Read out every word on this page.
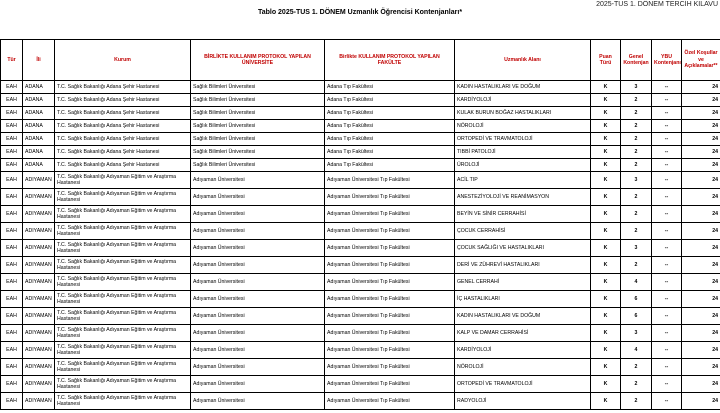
2025-TUS 1. DÖNEM TERCİH KILAVU
Tablo 2025-TUS 1. DÖNEM Uzmanlık Öğrencisi Kontenjanları*
Tür	İli	Kurum	BİRLİKTE KULLANIM PROTOKOL YAPILAN ÜNİVERSİTE	Birlikte KULLANIM PROTOKOL YAPILAN FAKÜLTE	Uzmanlık Alanı	Puan Türü	Genel Kontenjan	YBU Kontenjanı	Özel Koşullar ve Açıklamalar**
EAH	ADANA	T.C. Sağlık Bakanlığı Adana Şehir Hastanesi	Sağlık Bilimleri Üniversitesi	Adana Tıp Fakültesi	KADIN HASTALIKLARI VE DOĞUM	K	3	--	24
EAH	ADANA	T.C. Sağlık Bakanlığı Adana Şehir Hastanesi	Sağlık Bilimleri Üniversitesi	Adana Tıp Fakültesi	KARDİYOLOJİ	K	2	--	24
EAH	ADANA	T.C. Sağlık Bakanlığı Adana Şehir Hastanesi	Sağlık Bilimleri Üniversitesi	Adana Tıp Fakültesi	KULAK BURUN BOĞAZ HASTALIKLARI	K	2	--	24
EAH	ADANA	T.C. Sağlık Bakanlığı Adana Şehir Hastanesi	Sağlık Bilimleri Üniversitesi	Adana Tıp Fakültesi	NÖROLOJİ	K	2	--	24
EAH	ADANA	T.C. Sağlık Bakanlığı Adana Şehir Hastanesi	Sağlık Bilimleri Üniversitesi	Adana Tıp Fakültesi	ORTOPEDİ VE TRAVMATOLOJİ	K	2	--	24
EAH	ADANA	T.C. Sağlık Bakanlığı Adana Şehir Hastanesi	Sağlık Bilimleri Üniversitesi	Adana Tıp Fakültesi	TIBBİ PATOLOJİ	K	2	--	24
EAH	ADANA	T.C. Sağlık Bakanlığı Adana Şehir Hastanesi	Sağlık Bilimleri Üniversitesi	Adana Tıp Fakültesi	ÜROLOJİ	K	2	--	24
EAH	ADIYAMAN	T.C. Sağlık Bakanlığı Adıyaman Eğitim ve Araştırma Hastanesi	Adıyaman Üniversitesi	Adıyaman Üniversitesi Tıp Fakültesi	ACİL TIP	K	3	--	24
EAH	ADIYAMAN	T.C. Sağlık Bakanlığı Adıyaman Eğitim ve Araştırma Hastanesi	Adıyaman Üniversitesi	Adıyaman Üniversitesi Tıp Fakültesi	ANESTEZİYOLOJİ VE REANİMASYON	K	2	--	24
EAH	ADIYAMAN	T.C. Sağlık Bakanlığı Adıyaman Eğitim ve Araştırma Hastanesi	Adıyaman Üniversitesi	Adıyaman Üniversitesi Tıp Fakültesi	BEYİN VE SİNİR CERRAHİSİ	K	2	--	24
EAH	ADIYAMAN	T.C. Sağlık Bakanlığı Adıyaman Eğitim ve Araştırma Hastanesi	Adıyaman Üniversitesi	Adıyaman Üniversitesi Tıp Fakültesi	ÇOCUK CERRAHİSİ	K	2	--	24
EAH	ADIYAMAN	T.C. Sağlık Bakanlığı Adıyaman Eğitim ve Araştırma Hastanesi	Adıyaman Üniversitesi	Adıyaman Üniversitesi Tıp Fakültesi	ÇOCUK SAĞLIĞI VE HASTALIKLARI	K	3	--	24
EAH	ADIYAMAN	T.C. Sağlık Bakanlığı Adıyaman Eğitim ve Araştırma Hastanesi	Adıyaman Üniversitesi	Adıyaman Üniversitesi Tıp Fakültesi	DERİ VE ZÜHREVİ HASTALIKLARI	K	2	--	24
EAH	ADIYAMAN	T.C. Sağlık Bakanlığı Adıyaman Eğitim ve Araştırma Hastanesi	Adıyaman Üniversitesi	Adıyaman Üniversitesi Tıp Fakültesi	GENEL CERRAHİ	K	4	--	24
EAH	ADIYAMAN	T.C. Sağlık Bakanlığı Adıyaman Eğitim ve Araştırma Hastanesi	Adıyaman Üniversitesi	Adıyaman Üniversitesi Tıp Fakültesi	İÇ HASTALIKLARI	K	6	--	24
EAH	ADIYAMAN	T.C. Sağlık Bakanlığı Adıyaman Eğitim ve Araştırma Hastanesi	Adıyaman Üniversitesi	Adıyaman Üniversitesi Tıp Fakültesi	KADIN HASTALIKLARI VE DOĞUM	K	6	--	24
EAH	ADIYAMAN	T.C. Sağlık Bakanlığı Adıyaman Eğitim ve Araştırma Hastanesi	Adıyaman Üniversitesi	Adıyaman Üniversitesi Tıp Fakültesi	KALP VE DAMAR CERRAHİSİ	K	3	--	24
EAH	ADIYAMAN	T.C. Sağlık Bakanlığı Adıyaman Eğitim ve Araştırma Hastanesi	Adıyaman Üniversitesi	Adıyaman Üniversitesi Tıp Fakültesi	KARDİYOLOJİ	K	4	--	24
EAH	ADIYAMAN	T.C. Sağlık Bakanlığı Adıyaman Eğitim ve Araştırma Hastanesi	Adıyaman Üniversitesi	Adıyaman Üniversitesi Tıp Fakültesi	NÖROLOJİ	K	2	--	24
EAH	ADIYAMAN	T.C. Sağlık Bakanlığı Adıyaman Eğitim ve Araştırma Hastanesi	Adıyaman Üniversitesi	Adıyaman Üniversitesi Tıp Fakültesi	ORTOPEDİ VE TRAVMATOLOJİ	K	2	--	24
EAH	ADIYAMAN	T.C. Sağlık Bakanlığı Adıyaman Eğitim ve Araştırma Hastanesi	Adıyaman Üniversitesi	Adıyaman Üniversitesi Tıp Fakültesi	RADYOLOJİ	K	2	--	24
